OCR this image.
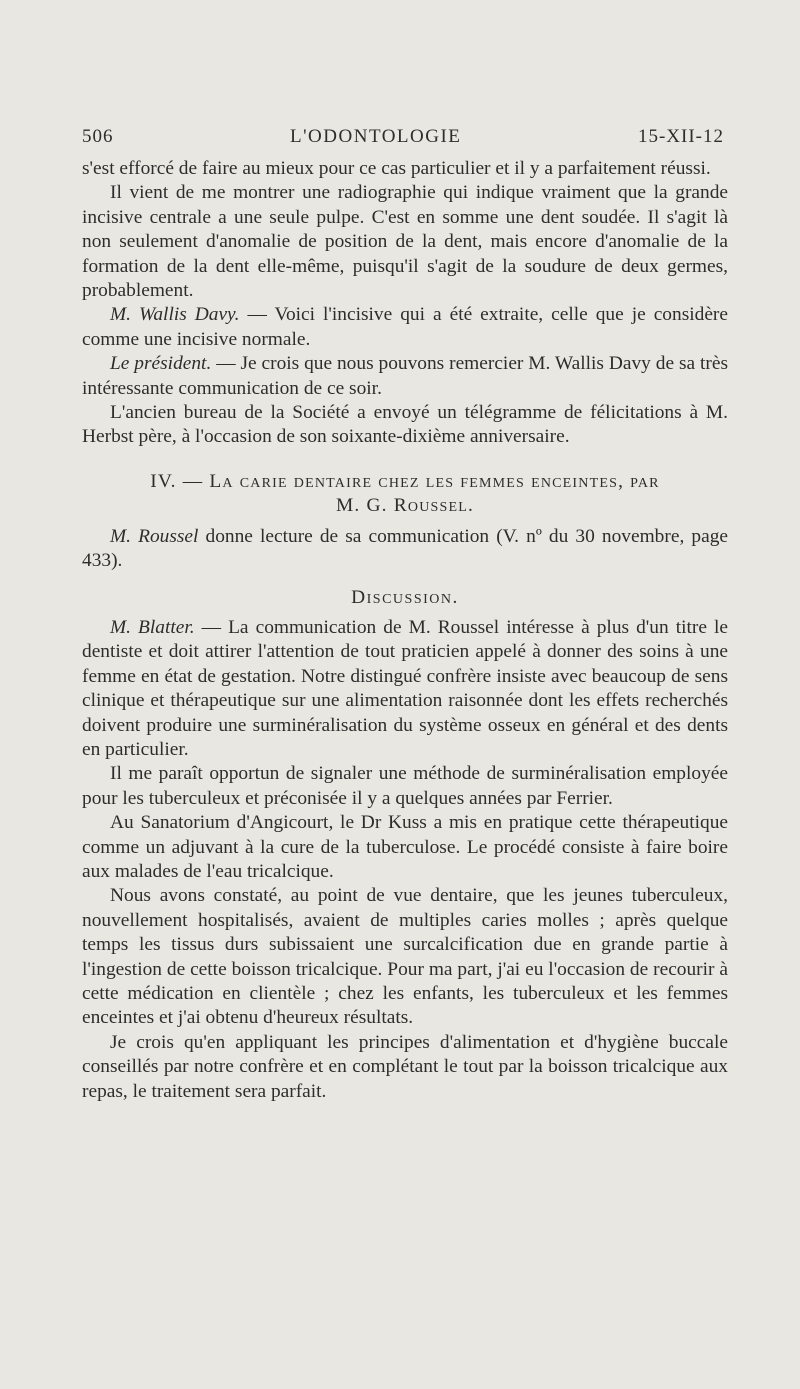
506	L'ODONTOLOGIE	15-XII-12

s'est efforcé de faire au mieux pour ce cas particulier et il y a parfaitement réussi.

Il vient de me montrer une radiographie qui indique vraiment que la grande incisive centrale a une seule pulpe. C'est en somme une dent soudée. Il s'agit là non seulement d'anomalie de position de la dent, mais encore d'anomalie de la formation de la dent elle-même, puisqu'il s'agit de la soudure de deux germes, probablement.

M. Wallis Davy. — Voici l'incisive qui a été extraite, celle que je considère comme une incisive normale.

Le président. — Je crois que nous pouvons remercier M. Wallis Davy de sa très intéressante communication de ce soir.

L'ancien bureau de la Société a envoyé un télégramme de félicitations à M. Herbst père, à l'occasion de son soixante-dixième anniversaire.

IV. — La carie dentaire chez les femmes enceintes, par
M. G. Roussel.

M. Roussel donne lecture de sa communication (V. nº du 30 novembre, page 433).

Discussion.

M. Blatter. — La communication de M. Roussel intéresse à plus d'un titre le dentiste et doit attirer l'attention de tout praticien appelé à donner des soins à une femme en état de gestation. Notre distingué confrère insiste avec beaucoup de sens clinique et thérapeutique sur une alimentation raisonnée dont les effets recherchés doivent produire une surminéralisation du système osseux en général et des dents en particulier.

Il me paraît opportun de signaler une méthode de surminéralisation employée pour les tuberculeux et préconisée il y a quelques années par Ferrier.

Au Sanatorium d'Angicourt, le Dr Kuss a mis en pratique cette thérapeutique comme un adjuvant à la cure de la tuberculose. Le procédé consiste à faire boire aux malades de l'eau tricalcique.

Nous avons constaté, au point de vue dentaire, que les jeunes tuberculeux, nouvellement hospitalisés, avaient de multiples caries molles ; après quelque temps les tissus durs subissaient une surcalcification due en grande partie à l'ingestion de cette boisson tricalcique. Pour ma part, j'ai eu l'occasion de recourir à cette médication en clientèle ; chez les enfants, les tuberculeux et les femmes enceintes et j'ai obtenu d'heureux résultats.

Je crois qu'en appliquant les principes d'alimentation et d'hygiène buccale conseillés par notre confrère et en complétant le tout par la boisson tricalcique aux repas, le traitement sera parfait.
